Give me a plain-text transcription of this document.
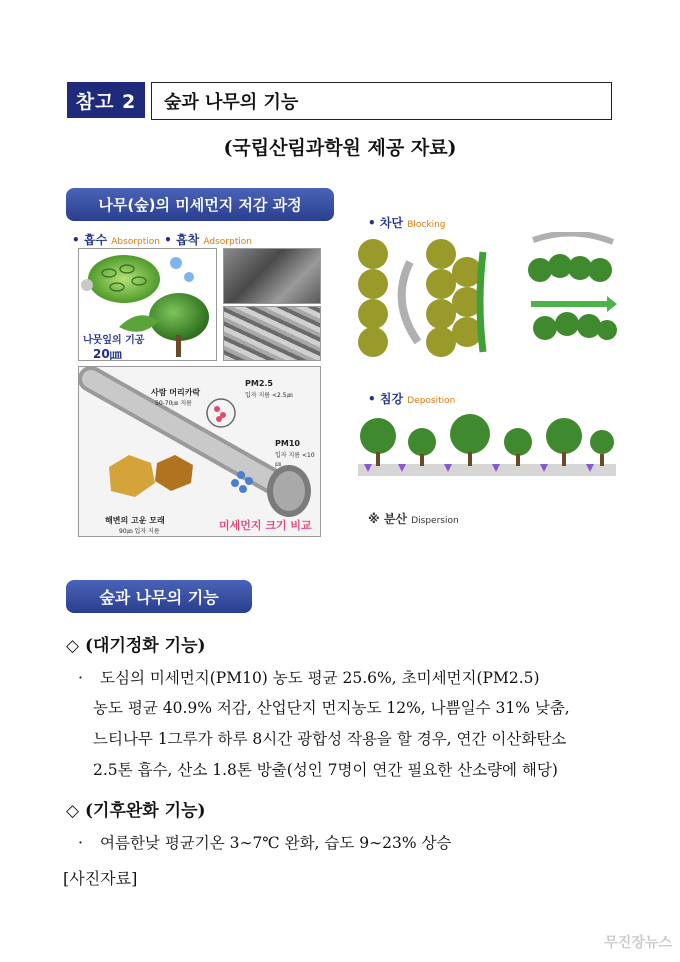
참고 2	숲과 나무의 기능
(국립산림과학원 제공 자료)
나무(숲)의 미세먼지 저감 과정
• 흡수 Absorption • 흡착 Adsorption
나뭇잎의 기공
20㎛
사람 머리카락
50-70㎛ 지름
PM2.5
입자 지름 <2.5㎛
PM10
입자 지름 <10㎛
해변의 고운 모래
90㎛ 입자 지름	미세먼지 크기 비교
• 차단 Blocking
• 침강 Deposition
※ 분산 Dispersion
숲과 나무의 기능
◇ (대기정화 기능)
· 도심의 미세먼지(PM10) 농도 평균 25.6%, 초미세먼지(PM2.5)
농도 평균 40.9% 저감, 산업단지 먼지농도 12%, 나쁨일수 31% 낮춤,
느티나무 1그루가 하루 8시간 광합성 작용을 할 경우, 연간 이산화탄소
2.5톤 흡수, 산소 1.8톤 방출(성인 7명이 연간 필요한 산소량에 해당)
◇ (기후완화 기능)
· 여름한낮 평균기온 3∼7℃ 완화, 습도 9∼23% 상승
[사진자료]
무진장뉴스
